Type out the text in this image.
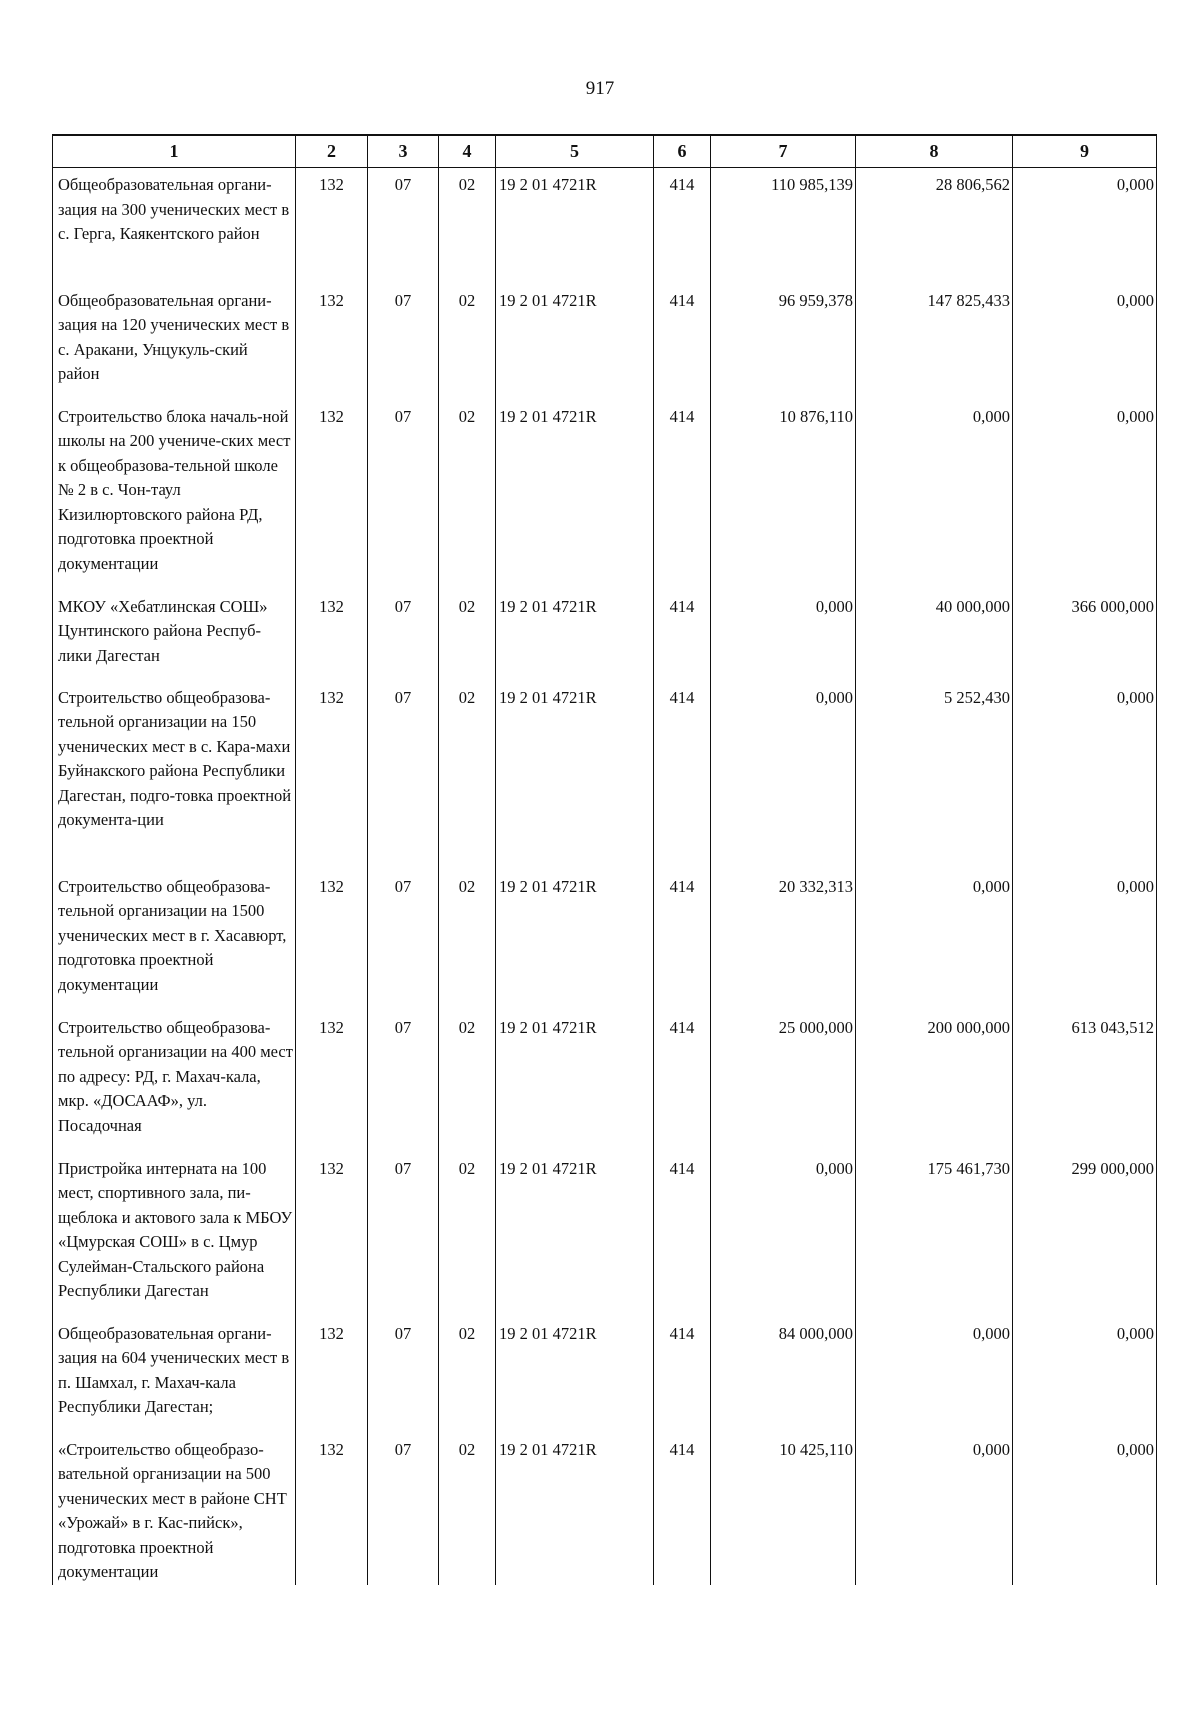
917
1	2	3	4	5	6	7	8	9
Общеобразовательная органи-зация на 300 ученических мест в с. Герга, Каякентского район	132	07	02	19 2 01 4721R	414	110 985,139	28 806,562	0,000
Общеобразовательная органи-зация на 120 ученических мест в с. Аракани, Унцукуль-ский район	132	07	02	19 2 01 4721R	414	96 959,378	147 825,433	0,000
Строительство блока началь-ной школы на 200 учениче-ских мест к общеобразова-тельной школе № 2 в с. Чон-таул Кизилюртовского района РД, подготовка проектной документации	132	07	02	19 2 01 4721R	414	10 876,110	0,000	0,000
МКОУ «Хебатлинская СОШ» Цунтинского района Респуб-лики Дагестан	132	07	02	19 2 01 4721R	414	0,000	40 000,000	366 000,000
Строительство общеобразова-тельной организации на 150 ученических мест в с. Кара-махи Буйнакского района Республики Дагестан, подго-товка проектной документа-ции	132	07	02	19 2 01 4721R	414	0,000	5 252,430	0,000
Строительство общеобразова-тельной организации на 1500 ученических мест в г. Хасавюрт, подготовка проектной документации	132	07	02	19 2 01 4721R	414	20 332,313	0,000	0,000
Строительство общеобразова-тельной организации на 400 мест по адресу: РД, г. Махач-кала, мкр. «ДОСААФ», ул. Посадочная	132	07	02	19 2 01 4721R	414	25 000,000	200 000,000	613 043,512
Пристройка интерната на 100 мест, спортивного зала, пи-щеблока и актового зала к МБОУ «Цмурская СОШ» в с. Цмур Сулейман-Стальского района Республики Дагестан	132	07	02	19 2 01 4721R	414	0,000	175 461,730	299 000,000
Общеобразовательная органи-зация на 604 ученических мест в п. Шамхал, г. Махач-кала Республики Дагестан;	132	07	02	19 2 01 4721R	414	84 000,000	0,000	0,000
«Строительство общеобразо-вательной организации на 500 ученических мест в районе СНТ «Урожай» в г. Кас-пийск», подготовка проектной документации	132	07	02	19 2 01 4721R	414	10 425,110	0,000	0,000
